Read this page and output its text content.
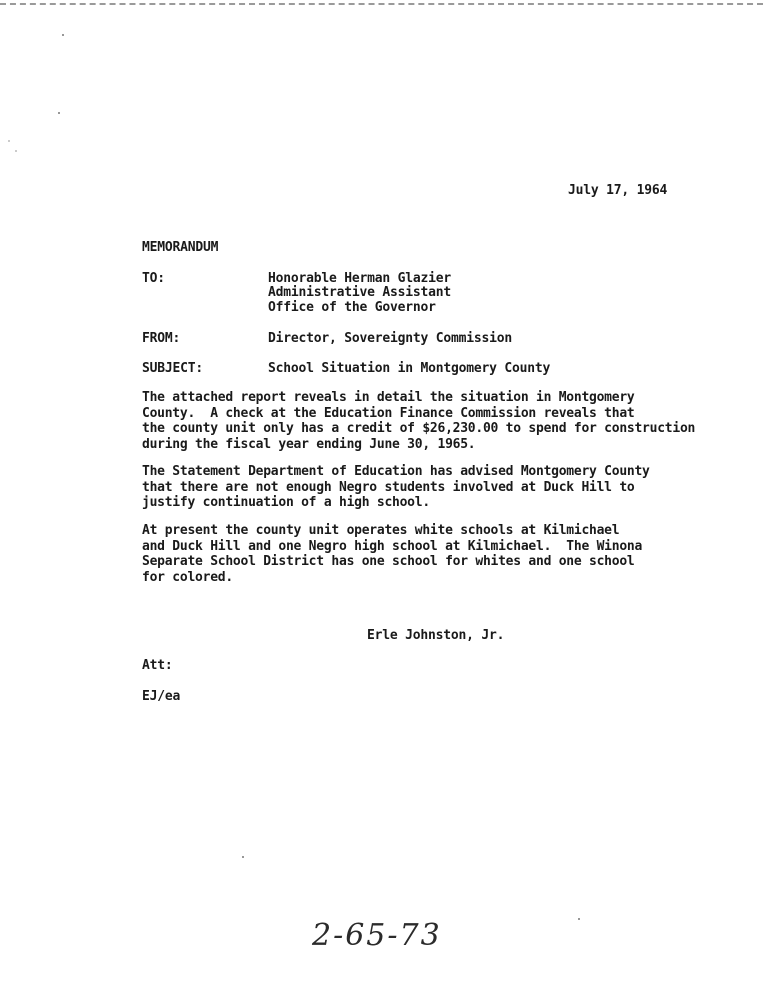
July 17, 1964
MEMORANDUM
TO:	Honorable Herman Glazier
Administrative Assistant
Office of the Governor
FROM:	Director, Sovereignty Commission
SUBJECT:	School Situation in Montgomery County
The attached report reveals in detail the situation in Montgomery
County.  A check at the Education Finance Commission reveals that
the county unit only has a credit of $26,230.00 to spend for construction
during the fiscal year ending June 30, 1965.
The Statement Department of Education has advised Montgomery County
that there are not enough Negro students involved at Duck Hill to
justify continuation of a high school.
At present the county unit operates white schools at Kilmichael
and Duck Hill and one Negro high school at Kilmichael.  The Winona
Separate School District has one school for whites and one school
for colored.
Erle Johnston, Jr.
Att:
EJ/ea
2-65-73
